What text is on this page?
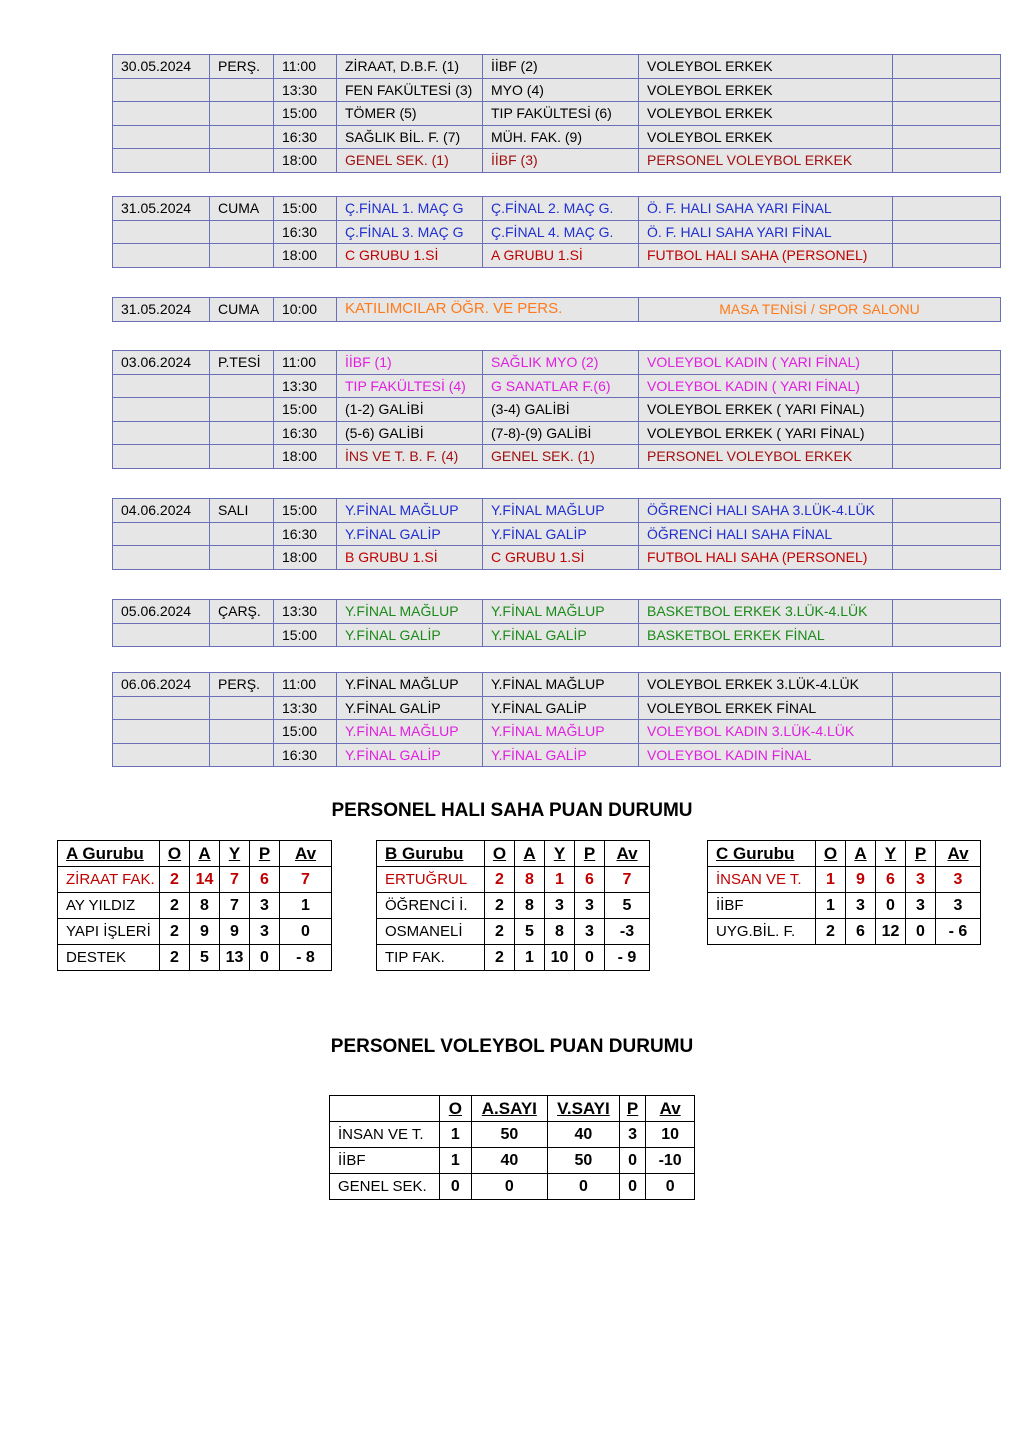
30.05.2024	PERŞ.	11:00	ZİRAAT, D.B.F. (1)	İİBF (2)	VOLEYBOL ERKEK	
		13:30	FEN FAKÜLTESİ (3)	MYO (4)	VOLEYBOL ERKEK	
		15:00	TÖMER (5)	TIP FAKÜLTESİ (6)	VOLEYBOL ERKEK	
		16:30	SAĞLIK BİL. F. (7)	MÜH. FAK. (9)	VOLEYBOL ERKEK	
		18:00	GENEL SEK. (1)	İİBF (3)	PERSONEL VOLEYBOL ERKEK	
31.05.2024	CUMA	15:00	Ç.FİNAL 1. MAÇ G	Ç.FİNAL 2. MAÇ G.	Ö. F. HALI SAHA YARI FİNAL	
		16:30	Ç.FİNAL 3. MAÇ G	Ç.FİNAL 4. MAÇ G.	Ö. F. HALI SAHA YARI FİNAL	
		18:00	C GRUBU 1.Sİ	A GRUBU 1.Sİ	FUTBOL HALI SAHA (PERSONEL)	
31.05.2024	CUMA	10:00	KATILIMCILAR ÖĞR. VE PERS.	MASA TENİSİ / SPOR SALONU
03.06.2024	P.TESİ	11:00	İİBF (1)	SAĞLIK MYO (2)	VOLEYBOL KADIN ( YARI FİNAL)	
		13:30	TIP FAKÜLTESİ (4)	G SANATLAR F.(6)	VOLEYBOL KADIN ( YARI FİNAL)	
		15:00	(1-2) GALİBİ	(3-4) GALİBİ	VOLEYBOL ERKEK ( YARI FİNAL)	
		16:30	(5-6) GALİBİ	(7-8)-(9) GALİBİ	VOLEYBOL ERKEK ( YARI FİNAL)	
		18:00	İNS VE T. B. F. (4)	GENEL SEK. (1)	PERSONEL VOLEYBOL ERKEK	
04.06.2024	SALI	15:00	Y.FİNAL MAĞLUP	Y.FİNAL MAĞLUP	ÖĞRENCİ HALI SAHA 3.LÜK-4.LÜK	
		16:30	Y.FİNAL GALİP	Y.FİNAL GALİP	ÖĞRENCİ HALI SAHA FİNAL	
		18:00	B GRUBU 1.Sİ	C GRUBU 1.Sİ	FUTBOL HALI SAHA (PERSONEL)	
05.06.2024	ÇARŞ.	13:30	Y.FİNAL MAĞLUP	Y.FİNAL MAĞLUP	BASKETBOL ERKEK 3.LÜK-4.LÜK	
		15:00	Y.FİNAL GALİP	Y.FİNAL GALİP	BASKETBOL ERKEK FİNAL	
06.06.2024	PERŞ.	11:00	Y.FİNAL MAĞLUP	Y.FİNAL MAĞLUP	VOLEYBOL ERKEK 3.LÜK-4.LÜK	
		13:30	Y.FİNAL GALİP	Y.FİNAL GALİP	VOLEYBOL ERKEK FİNAL	
		15:00	Y.FİNAL MAĞLUP	Y.FİNAL MAĞLUP	VOLEYBOL KADIN 3.LÜK-4.LÜK	
		16:30	Y.FİNAL GALİP	Y.FİNAL GALİP	VOLEYBOL KADIN FİNAL	
PERSONEL HALI SAHA PUAN DURUMU
A Gurubu	O	A	Y	P	Av
ZİRAAT FAK.	2	14	7	6	7
AY YILDIZ	2	8	7	3	1
YAPI İŞLERİ	2	9	9	3	0
DESTEK	2	5	13	0	- 8
B Gurubu	O	A	Y	P	Av
ERTUĞRUL	2	8	1	6	7
ÖĞRENCİ İ.	2	8	3	3	5
OSMANELİ	2	5	8	3	-3
TIP FAK.	2	1	10	0	- 9
C Gurubu	O	A	Y	P	Av
İNSAN VE T.	1	9	6	3	3
İİBF	1	3	0	3	3
UYG.BİL. F.	2	6	12	0	- 6
PERSONEL VOLEYBOL PUAN DURUMU
	O	A.SAYI	V.SAYI	P	Av
İNSAN VE T.	1	50	40	3	10
İİBF	1	40	50	0	-10
GENEL SEK.	0	0	0	0	0
